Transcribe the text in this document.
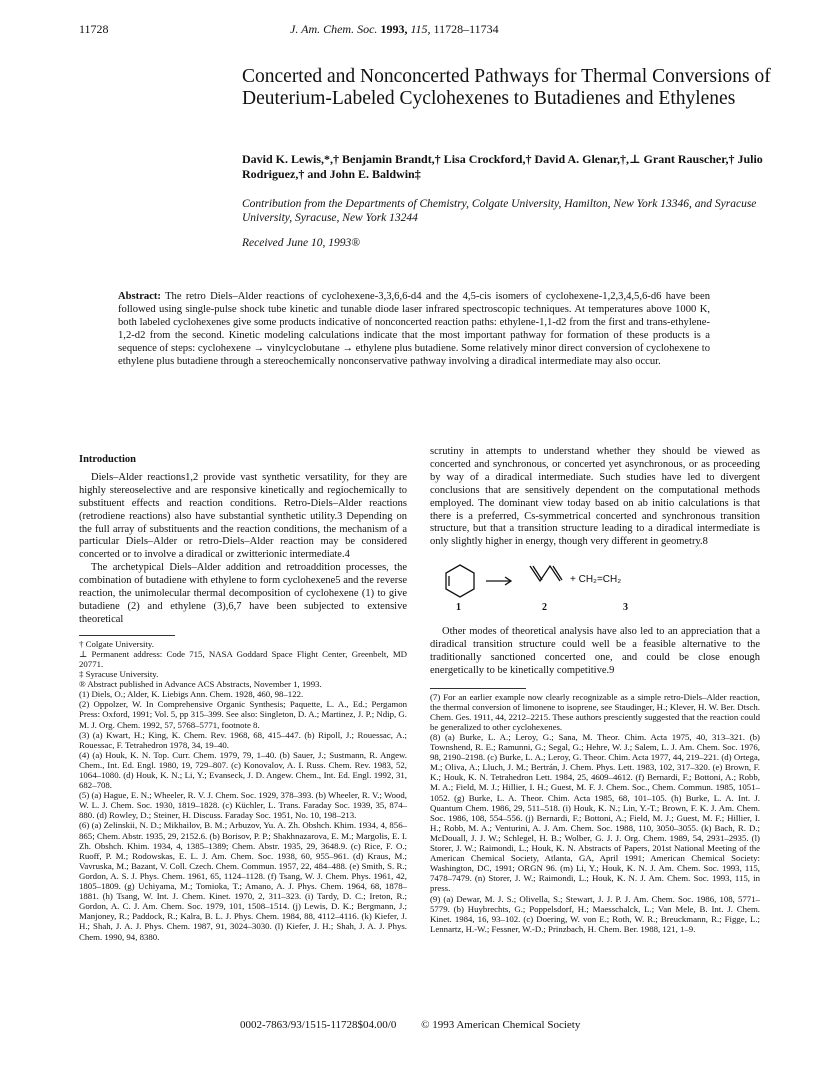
11728	J. Am. Chem. Soc. 1993, 115, 11728–11734
Concerted and Nonconcerted Pathways for Thermal Conversions of Deuterium-Labeled Cyclohexenes to Butadienes and Ethylenes
David K. Lewis,*,† Benjamin Brandt,† Lisa Crockford,† David A. Glenar,†,⊥ Grant Rauscher,† Julio Rodriguez,† and John E. Baldwin‡
Contribution from the Departments of Chemistry, Colgate University, Hamilton, New York 13346, and Syracuse University, Syracuse, New York 13244
Received June 10, 1993®
Abstract: The retro Diels–Alder reactions of cyclohexene-3,3,6,6-d4 and the 4,5-cis isomers of cyclohexene-1,2,3,4,5,6-d6 have been followed using single-pulse shock tube kinetic and tunable diode laser infrared spectroscopic techniques. At temperatures above 1000 K, both labeled cyclohexenes give some products indicative of nonconcerted reaction paths: ethylene-1,1-d2 from the first and trans-ethylene-1,2-d2 from the second. Kinetic modeling calculations indicate that the most important pathway for formation of these products is a sequence of steps: cyclohexene → vinylcyclobutane → ethylene plus butadiene. Some relatively minor direct conversion of cyclohexene to ethylene plus butadiene through a stereochemically nonconservative pathway involving a diradical intermediate may also occur.
Introduction

Diels–Alder reactions1,2 provide vast synthetic versatility, for they are highly stereoselective and are responsive kinetically and regiochemically to substituent effects and reaction conditions. Retro-Diels–Alder reactions (retrodiene reactions) also have substantial synthetic utility.3 Depending on the full array of substituents and the reaction conditions, the mechanism of a particular Diels–Alder or retro-Diels–Alder reaction may be considered concerted or to involve a diradical or zwitterionic intermediate.4

The archetypical Diels–Alder addition and retroaddition processes, the combination of butadiene with ethylene to form cyclohexene5 and the reverse reaction, the unimolecular thermal decomposition of cyclohexene (1) to give butadiene (2) and ethylene (3),6,7 have been subjected to extensive theoretical

† Colgate University.

⊥ Permanent address: Code 715, NASA Goddard Space Flight Center, Greenbelt, MD 20771.

‡ Syracuse University.

® Abstract published in Advance ACS Abstracts, November 1, 1993.

(1) Diels, O.; Alder, K. Liebigs Ann. Chem. 1928, 460, 98–122.

(2) Oppolzer, W. In Comprehensive Organic Synthesis; Paquette, L. A., Ed.; Pergamon Press: Oxford, 1991; Vol. 5, pp 315–399. See also: Singleton, D. A.; Martinez, J. P.; Ndip, G. M. J. Org. Chem. 1992, 57, 5768–5771, footnote 8.

(3) (a) Kwart, H.; King, K. Chem. Rev. 1968, 68, 415–447. (b) Ripoll, J.; Rouessac, A.; Rouessac, F. Tetrahedron 1978, 34, 19–40.

(4) (a) Houk, K. N. Top. Curr. Chem. 1979, 79, 1–40. (b) Sauer, J.; Sustmann, R. Angew. Chem., Int. Ed. Engl. 1980, 19, 729–807. (c) Konovalov, A. I. Russ. Chem. Rev. 1983, 52, 1064–1080. (d) Houk, K. N.; Li, Y.; Evanseck, J. D. Angew. Chem., Int. Ed. Engl. 1992, 31, 682–708.

(5) (a) Hague, E. N.; Wheeler, R. V. J. Chem. Soc. 1929, 378–393. (b) Wheeler, R. V.; Wood, W. L. J. Chem. Soc. 1930, 1819–1828. (c) Küchler, L. Trans. Faraday Soc. 1939, 35, 874–880. (d) Rowley, D.; Steiner, H. Discuss. Faraday Soc. 1951, No. 10, 198–213.

(6) (a) Zelinskii, N. D.; Mikhailov, B. M.; Arbuzov, Yu. A. Zh. Obshch. Khim. 1934, 4, 856–865; Chem. Abstr. 1935, 29, 2152.6. (b) Borisov, P. P.; Shakhnazarova, E. M.; Margolis, E. I. Zh. Obshch. Khim. 1934, 4, 1385–1389; Chem. Abstr. 1935, 29, 3648.9. (c) Rice, F. O.; Ruoff, P. M.; Rodowskas, E. L. J. Am. Chem. Soc. 1938, 60, 955–961. (d) Kraus, M.; Vavruska, M.; Bazant, V. Coll. Czech. Chem. Commun. 1957, 22, 484–488. (e) Smith, S. R.; Gordon, A. S. J. Phys. Chem. 1961, 65, 1124–1128. (f) Tsang, W. J. Chem. Phys. 1961, 42, 1805–1809. (g) Uchiyama, M.; Tomioka, T.; Amano, A. J. Phys. Chem. 1964, 68, 1878–1881. (h) Tsang, W. Int. J. Chem. Kinet. 1970, 2, 311–323. (i) Tardy, D. C.; Ireton, R.; Gordon, A. C. J. Am. Chem. Soc. 1979, 101, 1508–1514. (j) Lewis, D. K.; Bergmann, J.; Manjoney, R.; Paddock, R.; Kalra, B. L. J. Phys. Chem. 1984, 88, 4112–4116. (k) Kiefer, J. H.; Shah, J. A. J. Phys. Chem. 1987, 91, 3024–3030. (l) Kiefer, J. H.; Shah, J. A. J. Phys. Chem. 1990, 94, 8380.

scrutiny in attempts to understand whether they should be viewed as concerted and synchronous, or concerted yet asynchronous, or as proceeding by way of a diradical intermediate. Such studies have led to divergent conclusions that are sensitively dependent on the computational methods employed. The dominant view today based on ab initio calculations is that there is a preferred, Cs-symmetrical concerted and synchronous transition structure, but that a transition structure leading to a diradical intermediate is only slightly higher in energy, though very different in geometry.8

+ CH₂=CH₂
1	2	3

Other modes of theoretical analysis have also led to an appreciation that a diradical transition structure could well be a feasible alternative to the traditionally sanctioned concerted one, and could be close enough energetically to be kinetically competitive.9

(7) For an earlier example now clearly recognizable as a simple retro-Diels–Alder reaction, the thermal conversion of limonene to isoprene, see Staudinger, H.; Klever, H. W. Ber. Dtsch. Chem. Ges. 1911, 44, 2212–2215. These authors presciently suggested that the reaction could be generalized to other cyclohexenes.

(8) (a) Burke, L. A.; Leroy, G.; Sana, M. Theor. Chim. Acta 1975, 40, 313–321. (b) Townshend, R. E.; Ramunni, G.; Segal, G.; Hehre, W. J.; Salem, L. J. Am. Chem. Soc. 1976, 98, 2190–2198. (c) Burke, L. A.; Leroy, G. Theor. Chim. Acta 1977, 44, 219–221. (d) Ortega, M.; Oliva, A.; Lluch, J. M.; Bertrán, J. Chem. Phys. Lett. 1983, 102, 317–320. (e) Brown, F. K.; Houk, K. N. Tetrahedron Lett. 1984, 25, 4609–4612. (f) Bernardi, F.; Bottoni, A.; Robb, M. A.; Field, M. J.; Hillier, I. H.; Guest, M. F. J. Chem. Soc., Chem. Commun. 1985, 1051–1052. (g) Burke, L. A. Theor. Chim. Acta 1985, 68, 101–105. (h) Burke, L. A. Int. J. Quantum Chem. 1986, 29, 511–518. (i) Houk, K. N.; Lin, Y.-T.; Brown, F. K. J. Am. Chem. Soc. 1986, 108, 554–556. (j) Bernardi, F.; Bottoni, A.; Field, M. J.; Guest, M. F.; Hillier, I. H.; Robb, M. A.; Venturini, A. J. Am. Chem. Soc. 1988, 110, 3050–3055. (k) Bach, R. D.; McDouall, J. J. W.; Schlegel, H. B.; Wolber, G. J. J. Org. Chem. 1989, 54, 2931–2935. (l) Storer, J. W.; Raimondi, L.; Houk, K. N. Abstracts of Papers, 201st National Meeting of the American Chemical Society, Atlanta, GA, April 1991; American Chemical Society: Washington, DC, 1991; ORGN 96. (m) Li, Y.; Houk, K. N. J. Am. Chem. Soc. 1993, 115, 7478–7479. (n) Storer, J. W.; Raimondi, L.; Houk, K. N. J. Am. Chem. Soc. 1993, 115, in press.

(9) (a) Dewar, M. J. S.; Olivella, S.; Stewart, J. J. P. J. Am. Chem. Soc. 1986, 108, 5771–5779. (b) Huybrechts, G.; Poppelsdorf, H.; Maesschalck, L.; Van Mele, B. Int. J. Chem. Kinet. 1984, 16, 93–102. (c) Doering, W. von E.; Roth, W. R.; Breuckmann, R.; Figge, L.; Lennartz, H.-W.; Fessner, W.-D.; Prinzbach, H. Chem. Ber. 1988, 121, 1–9.

0002-7863/93/1515-11728$04.00/0 © 1993 American Chemical Society
